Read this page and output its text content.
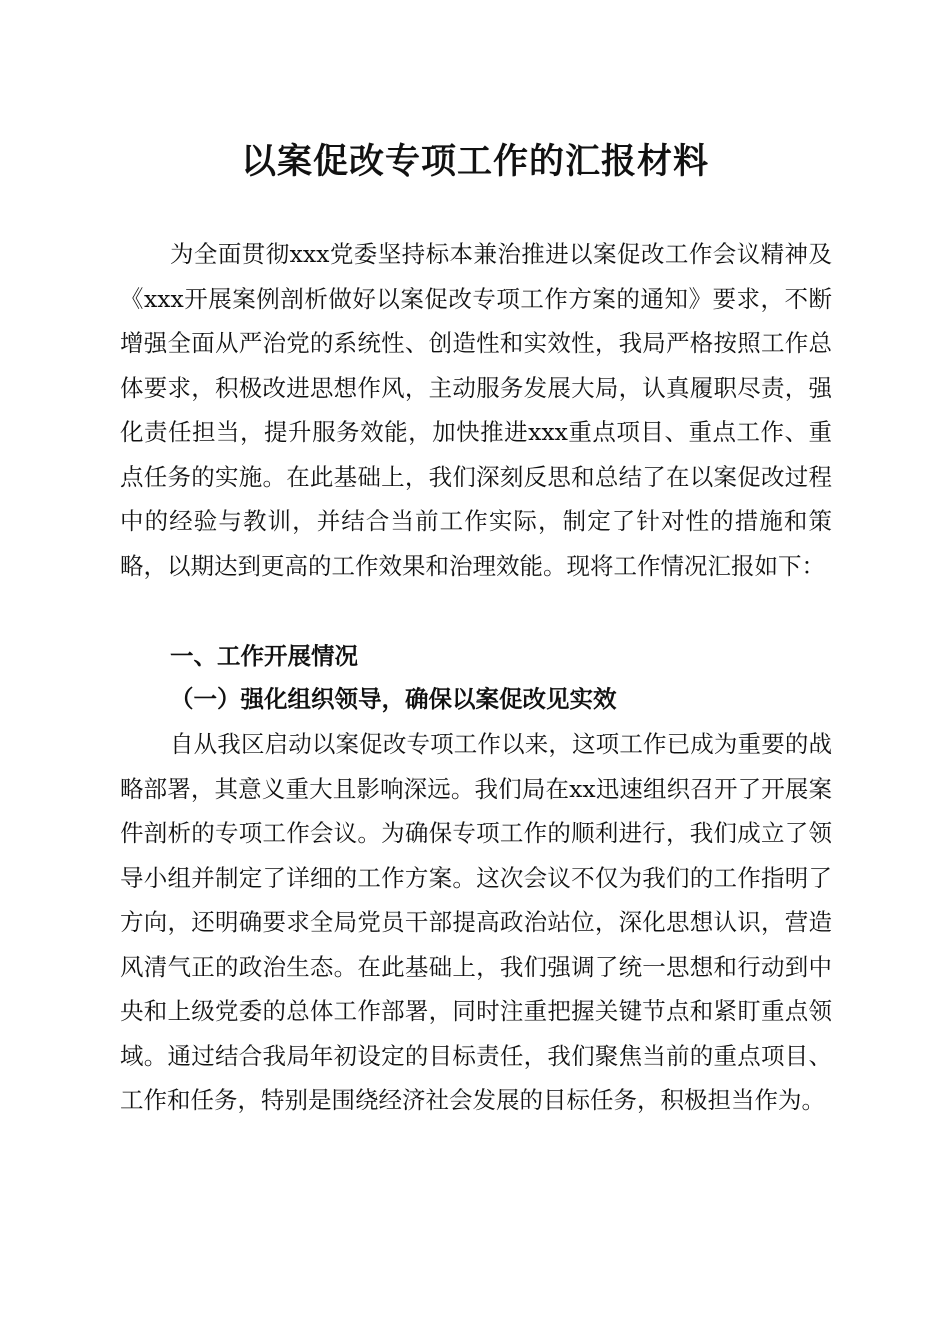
以案促改专项工作的汇报材料

为全面贯彻xxx党委坚持标本兼治推进以案促改工作会议精神及《xxx开展案例剖析做好以案促改专项工作方案的通知》要求，不断增强全面从严治党的系统性、创造性和实效性，我局严格按照工作总体要求，积极改进思想作风，主动服务发展大局，认真履职尽责，强化责任担当，提升服务效能，加快推进xxx重点项目、重点工作、重点任务的实施。在此基础上，我们深刻反思和总结了在以案促改过程中的经验与教训，并结合当前工作实际，制定了针对性的措施和策略，以期达到更高的工作效果和治理效能。现将工作情况汇报如下：

一、工作开展情况
（一）强化组织领导，确保以案促改见实效

自从我区启动以案促改专项工作以来，这项工作已成为重要的战略部署，其意义重大且影响深远。我们局在xx迅速组织召开了开展案件剖析的专项工作会议。为确保专项工作的顺利进行，我们成立了领导小组并制定了详细的工作方案。这次会议不仅为我们的工作指明了方向，还明确要求全局党员干部提高政治站位，深化思想认识，营造风清气正的政治生态。在此基础上，我们强调了统一思想和行动到中央和上级党委的总体工作部署，同时注重把握关键节点和紧盯重点领域。通过结合我局年初设定的目标责任，我们聚焦当前的重点项目、工作和任务，特别是围绕经济社会发展的目标任务，积极担当作为。
